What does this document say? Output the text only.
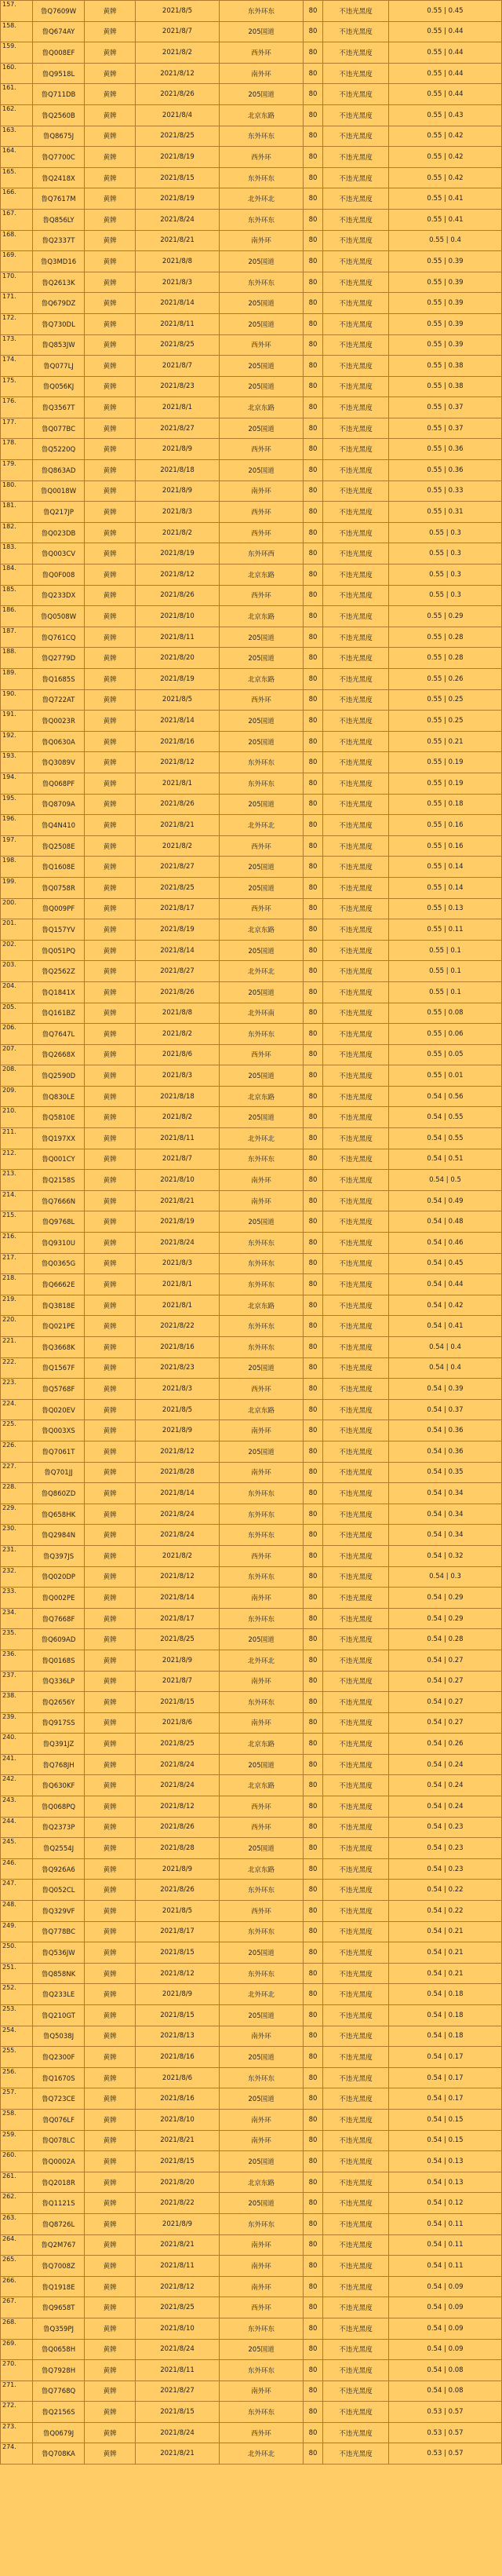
157.	鲁Q7609W	黄牌	2021/8/5	东外环东	80	不违光黑度	0.55 | 0.45
158.	鲁Q674AY	黄牌	2021/8/7	205国道	80	不违光黑度	0.55 | 0.44
159.	鲁Q008EF	黄牌	2021/8/2	西外环	80	不违光黑度	0.55 | 0.44
160.	鲁Q9518L	黄牌	2021/8/12	南外环	80	不违光黑度	0.55 | 0.44
161.	鲁Q711DB	黄牌	2021/8/26	205国道	80	不违光黑度	0.55 | 0.44
162.	鲁Q2560B	黄牌	2021/8/4	北京东路	80	不违光黑度	0.55 | 0.43
163.	鲁Q8675J	黄牌	2021/8/25	东外环东	80	不违光黑度	0.55 | 0.42
164.	鲁Q7700C	黄牌	2021/8/19	西外环	80	不违光黑度	0.55 | 0.42
165.	鲁Q2418X	黄牌	2021/8/15	东外环东	80	不违光黑度	0.55 | 0.42
166.	鲁Q7617M	黄牌	2021/8/19	北外环北	80	不违光黑度	0.55 | 0.41
167.	鲁Q856LY	黄牌	2021/8/24	东外环东	80	不违光黑度	0.55 | 0.41
168.	鲁Q2337T	黄牌	2021/8/21	南外环	80	不违光黑度	0.55 | 0.4
169.	鲁Q3MD16	黄牌	2021/8/8	205国道	80	不违光黑度	0.55 | 0.39
170.	鲁Q2613K	黄牌	2021/8/3	东外环东	80	不违光黑度	0.55 | 0.39
171.	鲁Q679DZ	黄牌	2021/8/14	205国道	80	不违光黑度	0.55 | 0.39
172.	鲁Q730DL	黄牌	2021/8/11	205国道	80	不违光黑度	0.55 | 0.39
173.	鲁Q853JW	黄牌	2021/8/25	西外环	80	不违光黑度	0.55 | 0.39
174.	鲁Q077LJ	黄牌	2021/8/7	205国道	80	不违光黑度	0.55 | 0.38
175.	鲁Q056KJ	黄牌	2021/8/23	205国道	80	不违光黑度	0.55 | 0.38
176.	鲁Q3567T	黄牌	2021/8/1	北京东路	80	不违光黑度	0.55 | 0.37
177.	鲁Q077BC	黄牌	2021/8/27	205国道	80	不违光黑度	0.55 | 0.37
178.	鲁Q5220Q	黄牌	2021/8/9	西外环	80	不违光黑度	0.55 | 0.36
179.	鲁Q863AD	黄牌	2021/8/18	205国道	80	不违光黑度	0.55 | 0.36
180.	鲁Q0018W	黄牌	2021/8/9	南外环	80	不违光黑度	0.55 | 0.33
181.	鲁Q217JP	黄牌	2021/8/3	西外环	80	不违光黑度	0.55 | 0.31
182.	鲁Q023DB	黄牌	2021/8/2	西外环	80	不违光黑度	0.55 | 0.3
183.	鲁Q003CV	黄牌	2021/8/19	东外环西	80	不违光黑度	0.55 | 0.3
184.	鲁Q0F008	黄牌	2021/8/12	北京东路	80	不违光黑度	0.55 | 0.3
185.	鲁Q233DX	黄牌	2021/8/26	西外环	80	不违光黑度	0.55 | 0.3
186.	鲁Q0508W	黄牌	2021/8/10	北京东路	80	不违光黑度	0.55 | 0.29
187.	鲁Q761CQ	黄牌	2021/8/11	205国道	80	不违光黑度	0.55 | 0.28
188.	鲁Q2779D	黄牌	2021/8/20	205国道	80	不违光黑度	0.55 | 0.28
189.	鲁Q1685S	黄牌	2021/8/19	北京东路	80	不违光黑度	0.55 | 0.26
190.	鲁Q722AT	黄牌	2021/8/5	西外环	80	不违光黑度	0.55 | 0.25
191.	鲁Q0023R	黄牌	2021/8/14	205国道	80	不违光黑度	0.55 | 0.25
192.	鲁Q0630A	黄牌	2021/8/16	205国道	80	不违光黑度	0.55 | 0.21
193.	鲁Q3089V	黄牌	2021/8/12	东外环东	80	不违光黑度	0.55 | 0.19
194.	鲁Q068PF	黄牌	2021/8/1	东外环东	80	不违光黑度	0.55 | 0.19
195.	鲁Q8709A	黄牌	2021/8/26	205国道	80	不违光黑度	0.55 | 0.18
196.	鲁Q4N410	黄牌	2021/8/21	北外环北	80	不违光黑度	0.55 | 0.16
197.	鲁Q2508E	黄牌	2021/8/2	西外环	80	不违光黑度	0.55 | 0.16
198.	鲁Q1608E	黄牌	2021/8/27	205国道	80	不违光黑度	0.55 | 0.14
199.	鲁Q0758R	黄牌	2021/8/25	205国道	80	不违光黑度	0.55 | 0.14
200.	鲁Q009PF	黄牌	2021/8/17	西外环	80	不违光黑度	0.55 | 0.13
201.	鲁Q157YV	黄牌	2021/8/19	北京东路	80	不违光黑度	0.55 | 0.11
202.	鲁Q051PQ	黄牌	2021/8/14	205国道	80	不违光黑度	0.55 | 0.1
203.	鲁Q2562Z	黄牌	2021/8/27	北外环北	80	不违光黑度	0.55 | 0.1
204.	鲁Q1841X	黄牌	2021/8/26	205国道	80	不违光黑度	0.55 | 0.1
205.	鲁Q161BZ	黄牌	2021/8/8	北外环南	80	不违光黑度	0.55 | 0.08
206.	鲁Q7647L	黄牌	2021/8/2	东外环东	80	不违光黑度	0.55 | 0.06
207.	鲁Q2668X	黄牌	2021/8/6	西外环	80	不违光黑度	0.55 | 0.05
208.	鲁Q2590D	黄牌	2021/8/3	205国道	80	不违光黑度	0.55 | 0.01
209.	鲁Q830LE	黄牌	2021/8/18	北京东路	80	不违光黑度	0.54 | 0.56
210.	鲁Q5810E	黄牌	2021/8/2	205国道	80	不违光黑度	0.54 | 0.55
211.	鲁Q197XX	黄牌	2021/8/11	北外环北	80	不违光黑度	0.54 | 0.55
212.	鲁Q001CY	黄牌	2021/8/7	东外环东	80	不违光黑度	0.54 | 0.51
213.	鲁Q2158S	黄牌	2021/8/10	南外环	80	不违光黑度	0.54 | 0.5
214.	鲁Q7666N	黄牌	2021/8/21	南外环	80	不违光黑度	0.54 | 0.49
215.	鲁Q9768L	黄牌	2021/8/19	205国道	80	不违光黑度	0.54 | 0.48
216.	鲁Q9310U	黄牌	2021/8/24	东外环东	80	不违光黑度	0.54 | 0.46
217.	鲁Q0365G	黄牌	2021/8/3	东外环东	80	不违光黑度	0.54 | 0.45
218.	鲁Q6662E	黄牌	2021/8/1	东外环东	80	不违光黑度	0.54 | 0.44
219.	鲁Q3818E	黄牌	2021/8/1	北京东路	80	不违光黑度	0.54 | 0.42
220.	鲁Q021PE	黄牌	2021/8/22	东外环东	80	不违光黑度	0.54 | 0.41
221.	鲁Q3668K	黄牌	2021/8/16	东外环东	80	不违光黑度	0.54 | 0.4
222.	鲁Q1567F	黄牌	2021/8/23	205国道	80	不违光黑度	0.54 | 0.4
223.	鲁Q5768F	黄牌	2021/8/3	西外环	80	不违光黑度	0.54 | 0.39
224.	鲁Q020EV	黄牌	2021/8/5	北京东路	80	不违光黑度	0.54 | 0.37
225.	鲁Q003XS	黄牌	2021/8/9	南外环	80	不违光黑度	0.54 | 0.36
226.	鲁Q7061T	黄牌	2021/8/12	205国道	80	不违光黑度	0.54 | 0.36
227.	鲁Q701JJ	黄牌	2021/8/28	南外环	80	不违光黑度	0.54 | 0.35
228.	鲁Q860ZD	黄牌	2021/8/14	东外环东	80	不违光黑度	0.54 | 0.34
229.	鲁Q658HK	黄牌	2021/8/24	东外环东	80	不违光黑度	0.54 | 0.34
230.	鲁Q2984N	黄牌	2021/8/24	东外环东	80	不违光黑度	0.54 | 0.34
231.	鲁Q397JS	黄牌	2021/8/2	西外环	80	不违光黑度	0.54 | 0.32
232.	鲁Q020DP	黄牌	2021/8/12	东外环东	80	不违光黑度	0.54 | 0.3
233.	鲁Q002PE	黄牌	2021/8/14	南外环	80	不违光黑度	0.54 | 0.29
234.	鲁Q7668F	黄牌	2021/8/17	东外环东	80	不违光黑度	0.54 | 0.29
235.	鲁Q609AD	黄牌	2021/8/25	205国道	80	不违光黑度	0.54 | 0.28
236.	鲁Q0168S	黄牌	2021/8/9	北外环北	80	不违光黑度	0.54 | 0.27
237.	鲁Q336LP	黄牌	2021/8/7	南外环	80	不违光黑度	0.54 | 0.27
238.	鲁Q2656Y	黄牌	2021/8/15	东外环东	80	不违光黑度	0.54 | 0.27
239.	鲁Q917SS	黄牌	2021/8/6	南外环	80	不违光黑度	0.54 | 0.27
240.	鲁Q391JZ	黄牌	2021/8/25	北京东路	80	不违光黑度	0.54 | 0.26
241.	鲁Q768JH	黄牌	2021/8/24	205国道	80	不违光黑度	0.54 | 0.24
242.	鲁Q630KF	黄牌	2021/8/24	北京东路	80	不违光黑度	0.54 | 0.24
243.	鲁Q068PQ	黄牌	2021/8/12	西外环	80	不违光黑度	0.54 | 0.24
244.	鲁Q2373P	黄牌	2021/8/26	西外环	80	不违光黑度	0.54 | 0.23
245.	鲁Q2554J	黄牌	2021/8/28	205国道	80	不违光黑度	0.54 | 0.23
246.	鲁Q926A6	黄牌	2021/8/9	北京东路	80	不违光黑度	0.54 | 0.23
247.	鲁Q052CL	黄牌	2021/8/26	东外环东	80	不违光黑度	0.54 | 0.22
248.	鲁Q329VF	黄牌	2021/8/5	西外环	80	不违光黑度	0.54 | 0.22
249.	鲁Q778BC	黄牌	2021/8/17	东外环东	80	不违光黑度	0.54 | 0.21
250.	鲁Q536JW	黄牌	2021/8/15	205国道	80	不违光黑度	0.54 | 0.21
251.	鲁Q858NK	黄牌	2021/8/12	东外环东	80	不违光黑度	0.54 | 0.21
252.	鲁Q233LE	黄牌	2021/8/9	北外环北	80	不违光黑度	0.54 | 0.18
253.	鲁Q210GT	黄牌	2021/8/15	205国道	80	不违光黑度	0.54 | 0.18
254.	鲁Q5038J	黄牌	2021/8/13	南外环	80	不违光黑度	0.54 | 0.18
255.	鲁Q2300F	黄牌	2021/8/16	205国道	80	不违光黑度	0.54 | 0.17
256.	鲁Q1670S	黄牌	2021/8/6	东外环东	80	不违光黑度	0.54 | 0.17
257.	鲁Q723CE	黄牌	2021/8/16	205国道	80	不违光黑度	0.54 | 0.17
258.	鲁Q076LF	黄牌	2021/8/10	南外环	80	不违光黑度	0.54 | 0.15
259.	鲁Q078LC	黄牌	2021/8/21	南外环	80	不违光黑度	0.54 | 0.15
260.	鲁Q0002A	黄牌	2021/8/15	205国道	80	不违光黑度	0.54 | 0.13
261.	鲁Q2018R	黄牌	2021/8/20	北京东路	80	不违光黑度	0.54 | 0.13
262.	鲁Q1121S	黄牌	2021/8/22	205国道	80	不违光黑度	0.54 | 0.12
263.	鲁Q8726L	黄牌	2021/8/9	东外环东	80	不违光黑度	0.54 | 0.11
264.	鲁Q2M767	黄牌	2021/8/21	南外环	80	不违光黑度	0.54 | 0.11
265.	鲁Q7008Z	黄牌	2021/8/11	南外环	80	不违光黑度	0.54 | 0.11
266.	鲁Q1918E	黄牌	2021/8/12	南外环	80	不违光黑度	0.54 | 0.09
267.	鲁Q9658T	黄牌	2021/8/25	西外环	80	不违光黑度	0.54 | 0.09
268.	鲁Q359PJ	黄牌	2021/8/10	东外环东	80	不违光黑度	0.54 | 0.09
269.	鲁Q0658H	黄牌	2021/8/24	205国道	80	不违光黑度	0.54 | 0.09
270.	鲁Q7928H	黄牌	2021/8/11	东外环东	80	不违光黑度	0.54 | 0.08
271.	鲁Q7768Q	黄牌	2021/8/27	南外环	80	不违光黑度	0.54 | 0.08
272.	鲁Q2156S	黄牌	2021/8/15	东外环东	80	不违光黑度	0.53 | 0.57
273.	鲁Q0679J	黄牌	2021/8/24	西外环	80	不违光黑度	0.53 | 0.57
274.	鲁Q708KA	黄牌	2021/8/21	北外环北	80	不违光黑度	0.53 | 0.57
